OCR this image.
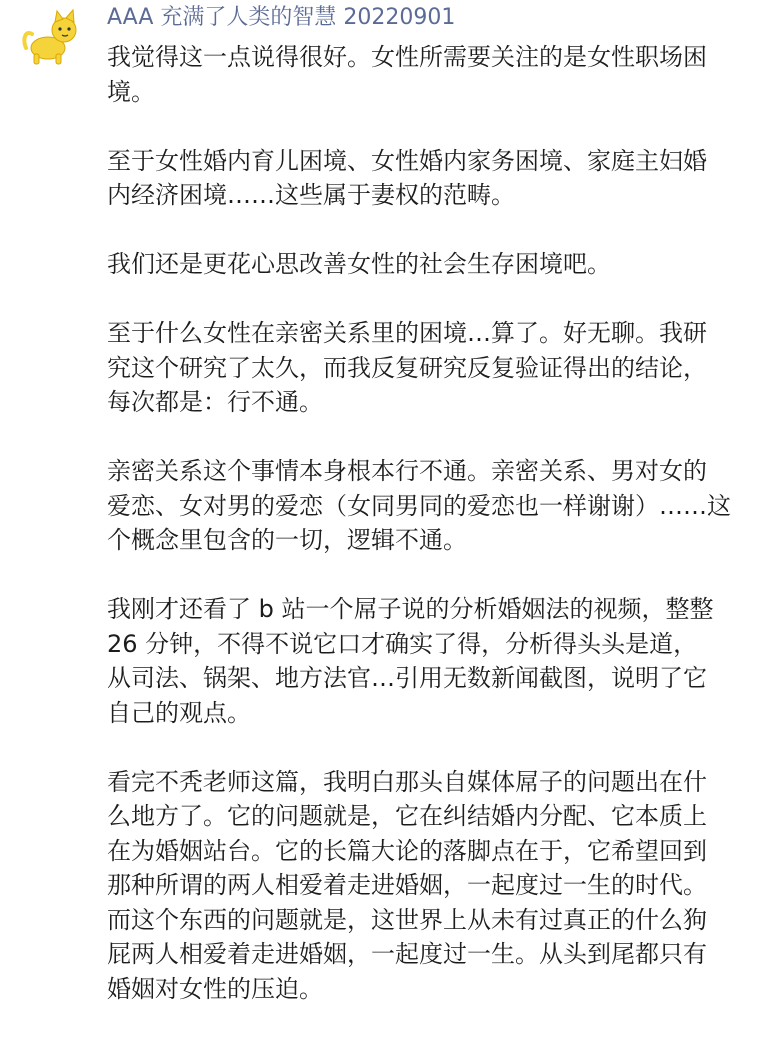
AAA 充满了人类的智慧 20220901
我觉得这一点说得很好。女性所需要关注的是女性职场困
境。
至于女性婚内育儿困境、女性婚内家务困境、家庭主妇婚
内经济困境……这些属于妻权的范畴。
我们还是更花心思改善女性的社会生存困境吧。
至于什么女性在亲密关系里的困境…算了。好无聊。我研
究这个研究了太久，而我反复研究反复验证得出的结论，
每次都是：行不通。
亲密关系这个事情本身根本行不通。亲密关系、男对女的
爱恋、女对男的爱恋（女同男同的爱恋也一样谢谢）……这
个概念里包含的一切，逻辑不通。
我刚才还看了 b 站一个屌子说的分析婚姻法的视频，整整
26 分钟，不得不说它口才确实了得，分析得头头是道，
从司法、锅架、地方法官…引用无数新闻截图，说明了它
自己的观点。
看完不秃老师这篇，我明白那头自媒体屌子的问题出在什
么地方了。它的问题就是，它在纠结婚内分配、它本质上
在为婚姻站台。它的长篇大论的落脚点在于，它希望回到
那种所谓的两人相爱着走进婚姻，一起度过一生的时代。
而这个东西的问题就是，这世界上从未有过真正的什么狗
屁两人相爱着走进婚姻，一起度过一生。从头到尾都只有
婚姻对女性的压迫。
